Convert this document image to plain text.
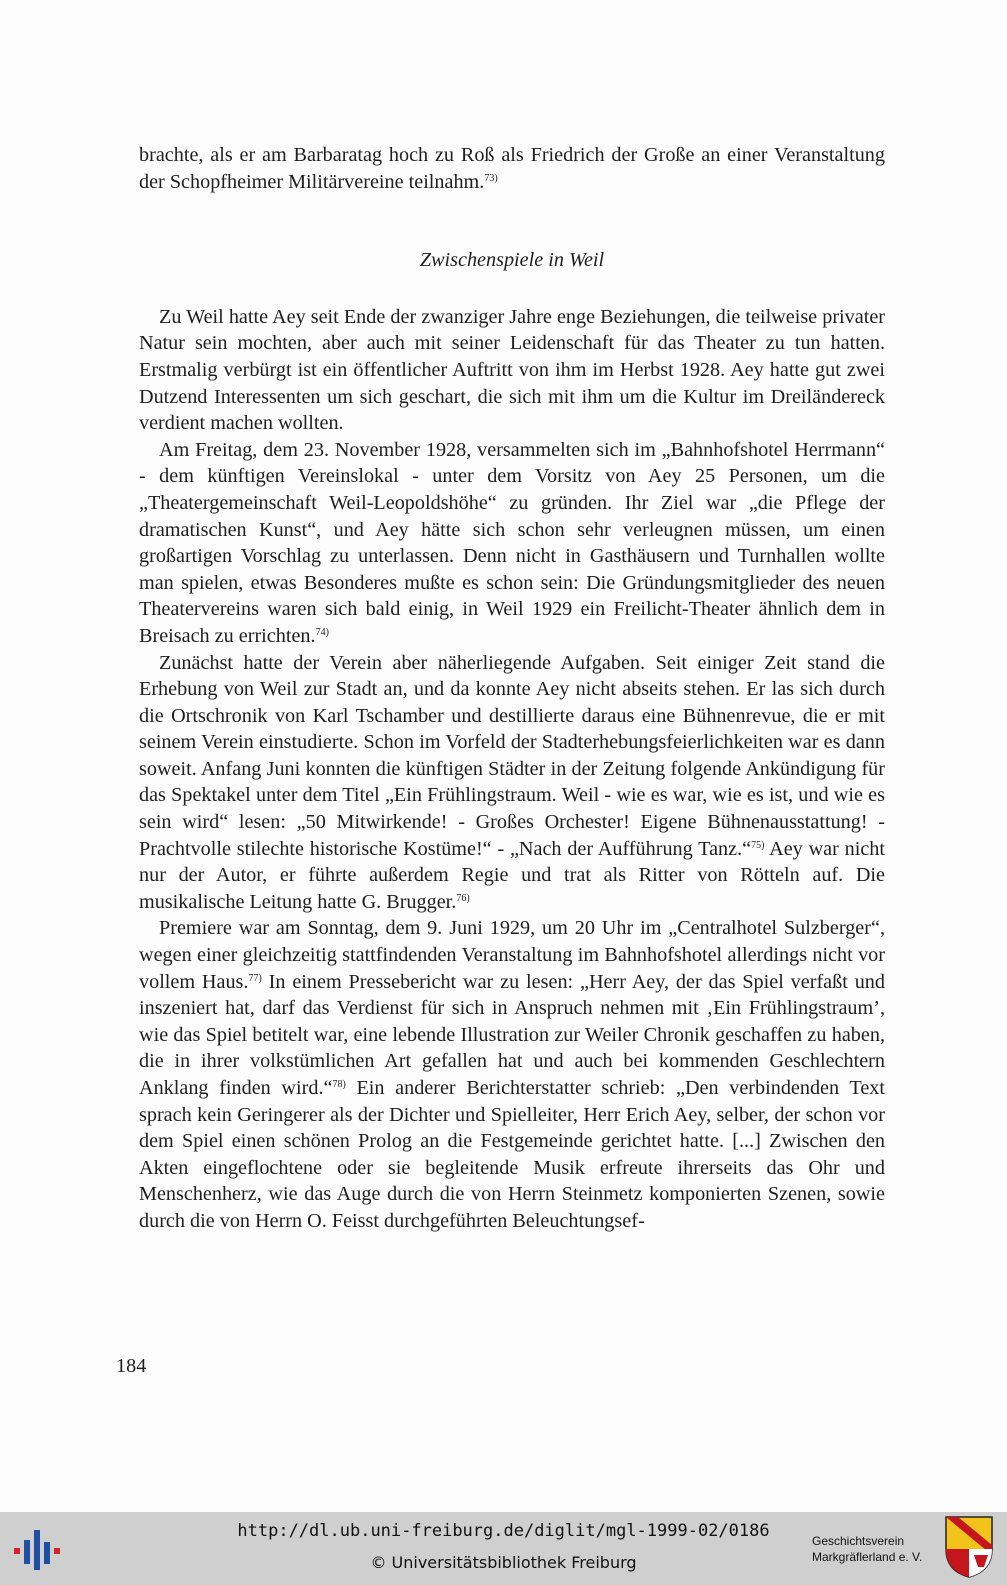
brachte, als er am Barbaratag hoch zu Roß als Friedrich der Große an einer Veranstaltung der Schopfheimer Militärvereine teilnahm.$^{73)}$

Zwischenspiele in Weil

Zu Weil hatte Aey seit Ende der zwanziger Jahre enge Beziehungen, die teilweise privater Natur sein mochten, aber auch mit seiner Leidenschaft für das Theater zu tun hatten. Erstmalig verbürgt ist ein öffentlicher Auftritt von ihm im Herbst 1928. Aey hatte gut zwei Dutzend Interessenten um sich geschart, die sich mit ihm um die Kultur im Dreiländereck verdient machen wollten.

Am Freitag, dem 23. November 1928, versammelten sich im „Bahnhofshotel Herrmann“ - dem künftigen Vereinslokal - unter dem Vorsitz von Aey 25 Personen, um die „Theatergemeinschaft Weil-Leopoldshöhe“ zu gründen. Ihr Ziel war „die Pflege der dramatischen Kunst“, und Aey hätte sich schon sehr verleugnen müssen, um einen großartigen Vorschlag zu unterlassen. Denn nicht in Gasthäusern und Turnhallen wollte man spielen, etwas Besonderes mußte es schon sein: Die Gründungsmitglieder des neuen Theatervereins waren sich bald einig, in Weil 1929 ein Freilicht-Theater ähnlich dem in Breisach zu errichten.$^{74)}$

Zunächst hatte der Verein aber näherliegende Aufgaben. Seit einiger Zeit stand die Erhebung von Weil zur Stadt an, und da konnte Aey nicht abseits stehen. Er las sich durch die Ortschronik von Karl Tschamber und destillierte daraus eine Bühnenrevue, die er mit seinem Verein einstudierte. Schon im Vorfeld der Stadterhebungsfeierlichkeiten war es dann soweit. Anfang Juni konnten die künftigen Städter in der Zeitung folgende Ankündigung für das Spektakel unter dem Titel „Ein Frühlingstraum. Weil - wie es war, wie es ist, und wie es sein wird“ lesen: „50 Mitwirkende! - Großes Orchester! Eigene Bühnenausstattung! - Prachtvolle stilechte historische Kostüme!“ - „Nach der Aufführung Tanz.“$^{75)}$ Aey war nicht nur der Autor, er führte außerdem Regie und trat als Ritter von Rötteln auf. Die musikalische Leitung hatte G. Brugger.$^{76)}$

Premiere war am Sonntag, dem 9. Juni 1929, um 20 Uhr im „Centralhotel Sulzberger“, wegen einer gleichzeitig stattfindenden Veranstaltung im Bahnhofshotel allerdings nicht vor vollem Haus.$^{77)}$ In einem Pressebericht war zu lesen: „Herr Aey, der das Spiel verfaßt und inszeniert hat, darf das Verdienst für sich in Anspruch nehmen mit ‚Ein Frühlingstraum’, wie das Spiel betitelt war, eine lebende Illustration zur Weiler Chronik geschaffen zu haben, die in ihrer volkstümlichen Art gefallen hat und auch bei kommenden Geschlechtern Anklang finden wird.“$^{78)}$ Ein anderer Berichterstatter schrieb: „Den verbindenden Text sprach kein Geringerer als der Dichter und Spielleiter, Herr Erich Aey, selber, der schon vor dem Spiel einen schönen Prolog an die Festgemeinde gerichtet hatte. [...] Zwischen den Akten eingeflochtene oder sie begleitende Musik erfreute ihrerseits das Ohr und Menschenherz, wie das Auge durch die von Herrn Steinmetz komponierten Szenen, sowie durch die von Herrn O. Feisst durchgeführten Beleuchtungsef-

184
http://dl.ub.uni-freiburg.de/diglit/mgl-1999-02/0186
© Universitätsbibliothek Freiburg
Geschichtsverein
Markgräflerland e. V.
